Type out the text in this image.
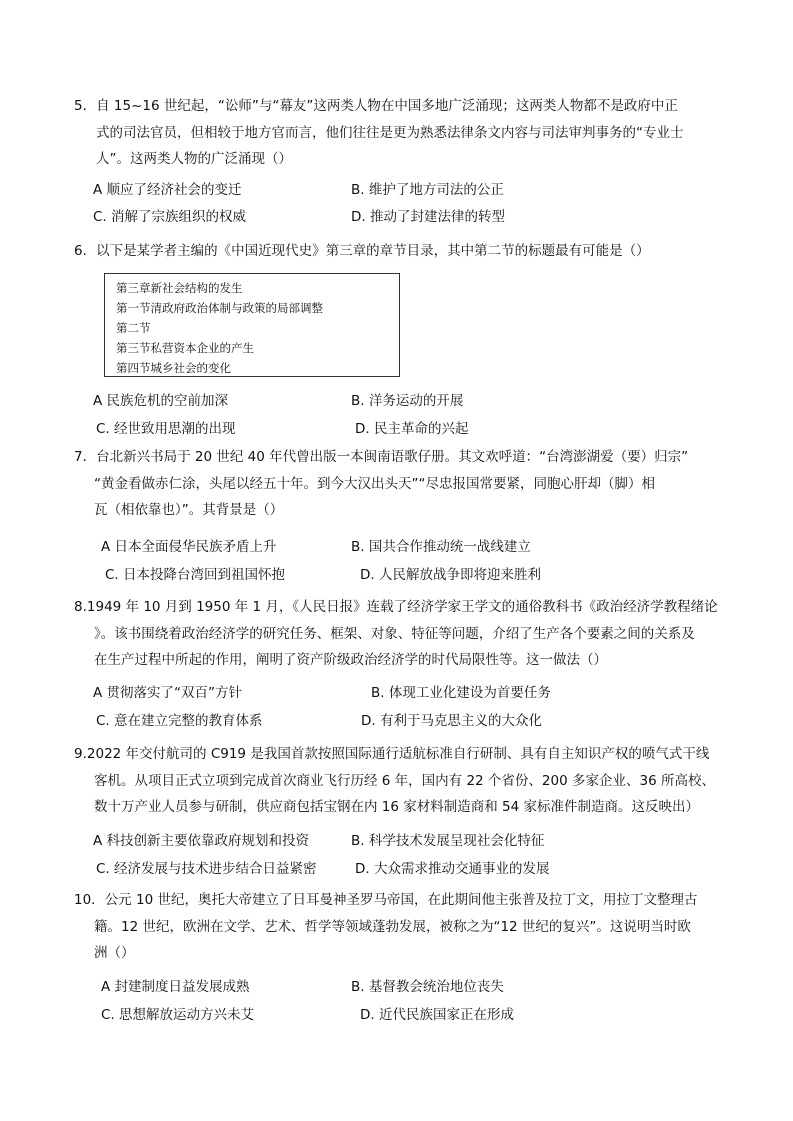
5．自 15~16 世纪起，“讼师”与“幕友”这两类人物在中国多地广泛涌现；这两类人物都不是政府中正
式的司法官员，但相较于地方官而言，他们往往是更为熟悉法律条文内容与司法审判事务的“专业士
人”。这两类人物的广泛涌现（）
A 顺应了经济社会的变迁	B. 维护了地方司法的公正
C. 消解了宗族组织的权威	D. 推动了封建法律的转型
6．以下是某学者主编的《中国近现代史》第三章的章节目录，其中第二节的标题最有可能是（）
第三章新社会结构的发生
第一节清政府政治体制与政策的局部调整
第二节
第三节私营资本企业的产生
第四节城乡社会的变化
A 民族危机的空前加深	B. 洋务运动的开展
C. 经世致用思潮的出现	D. 民主革命的兴起
7．台北新兴书局于 20 世纪 40 年代曾出版一本闽南语歌仔册。其文欢呼道：“台湾澎湖爱（要）归宗”
“黄金看做赤仁涂，头尾以经五十年。到今大汉出头天”“尽忠报国常要紧，同胞心肝却（脚）相
瓦（相依靠也）”。其背景是（）
A 日本全面侵华民族矛盾上升	B. 国共合作推动统一战线建立
C. 日本投降台湾回到祖国怀抱	D. 人民解放战争即将迎来胜利
8.1949 年 10 月到 1950 年 1 月，《人民日报》连载了经济学家王学文的通俗教科书《政治经济学教程绪论
》。该书围绕着政治经济学的研究任务、框架、对象、特征等问题，介绍了生产各个要素之间的关系及
在生产过程中所起的作用，阐明了资产阶级政治经济学的时代局限性等。这一做法（）
A 贯彻落实了“双百”方针	B. 体现工业化建设为首要任务
C. 意在建立完整的教育体系	D. 有利于马克思主义的大众化
9.2022 年交付航司的 C919 是我国首款按照国际通行适航标准自行研制、具有自主知识产权的喷气式干线
客机。从项目正式立项到完成首次商业飞行历经 6 年，国内有 22 个省份、200 多家企业、36 所高校、
数十万产业人员参与研制，供应商包括宝钢在内 16 家材料制造商和 54 家标准件制造商。这反映出）
A 科技创新主要依靠政府规划和投资	B. 科学技术发展呈现社会化特征
C. 经济发展与技术进步结合日益紧密	D. 大众需求推动交通事业的发展
10．公元 10 世纪，奥托大帝建立了日耳曼神圣罗马帝国，在此期间他主张普及拉丁文，用拉丁文整理古
籍。12 世纪，欧洲在文学、艺术、哲学等领域蓬勃发展，被称之为“12 世纪的复兴”。这说明当时欧
洲（）
A 封建制度日益发展成熟	B. 基督教会统治地位丧失
C. 思想解放运动方兴未艾	D. 近代民族国家正在形成
